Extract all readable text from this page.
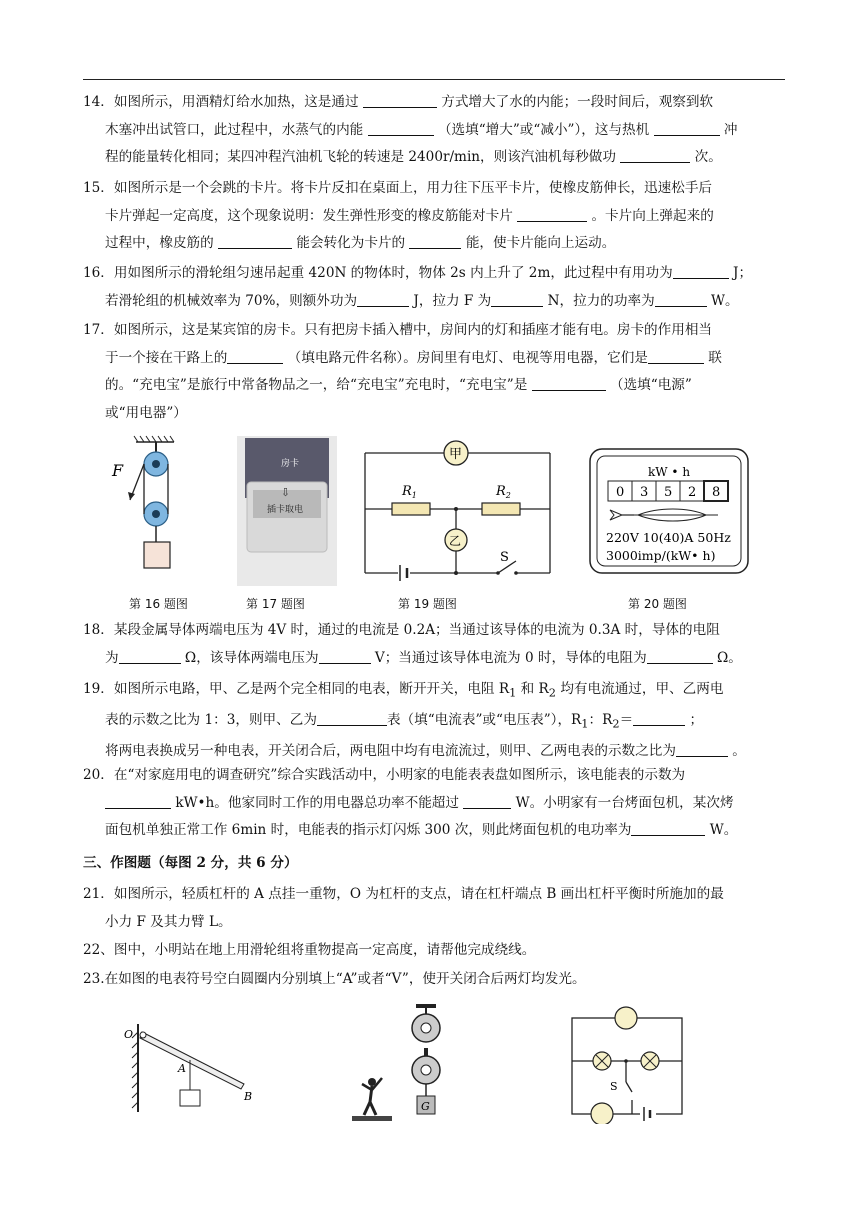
14．如图所示，用酒精灯给水加热，这是通过	方式增大了水的内能；一段时间后，观察到软

木塞冲出试管口，此过程中，水蒸气的内能	（选填“增大”或“减小”），这与热机	冲

程的能量转化相同；某四冲程汽油机飞轮的转速是 2400r/min，则该汽油机每秒做功	次。

15．如图所示是一个会跳的卡片。将卡片反扣在桌面上，用力往下压平卡片，使橡皮筋伸长，迅速松手后

卡片弹起一定高度，这个现象说明：发生弹性形变的橡皮筋能对卡片	。卡片向上弹起来的

过程中，橡皮筋的	能会转化为卡片的	能，使卡片能向上运动。

16．用如图所示的滑轮组匀速吊起重 420N 的物体时，物体 2s 内上升了 2m，此过程中有用功为	J；

若滑轮组的机械效率为 70%，则额外功为	J，拉力 F 为	N，拉力的功率为	W。

17．如图所示，这是某宾馆的房卡。只有把房卡插入槽中，房间内的灯和插座才能有电。房卡的作用相当

于一个接在干路上的	（填电路元件名称）。房间里有电灯、电视等用电器，它们是	联

的。“充电宝”是旅行中常备物品之一，给“充电宝”充电时，“充电宝”是	（选填“电源”

或“用电器”）

F	房卡
⇩
插卡取电
甲
$R_1$	$R_2$
乙
S
kW • h
0 3 5 2 8
220V 10(40)A 50Hz
3000imp/(kW• h)
第 16 题图	第 17 题图	第 19 题图	第 20 题图

18．某段金属导体两端电压为 4V 时，通过的电流是 0.2A；当通过该导体的电流为 0.3A 时，导体的电阻

为	Ω，该导体两端电压为	V；当通过该导体电流为 0 时，导体的电阻为	Ω。

19．如图所示电路，甲、乙是两个完全相同的电表，断开开关，电阻 $R_1$ 和 $R_2$ 均有电流通过，甲、乙两电

表的示数之比为 1：3，则甲、乙为	表（填“电流表”或“电压表”），$R_1$：$R_2=$	；

将两电表换成另一种电表，开关闭合后，两电阻中均有电流流过，则甲、乙两电表的示数之比为	。

20．在“对家庭用电的调查研究”综合实践活动中，小明家的电能表表盘如图所示，该电能表的示数为

kW•h。他家同时工作的用电器总功率不能超过	W。小明家有一台烤面包机，某次烤

面包机单独正常工作 6min 时，电能表的指示灯闪烁 300 次，则此烤面包机的电功率为	W。

三、作图题（每图 2 分，共 6 分）

21．如图所示，轻质杠杆的 A 点挂一重物，O 为杠杆的支点，请在杠杆端点 B 画出杠杆平衡时所施加的最

小力 F 及其力臂 L。

22、图中，小明站在地上用滑轮组将重物提高一定高度，请帮他完成绕线。
23.在如图的电表符号空白圆圈内分别填上“A”或者“V”，使开关闭合后两灯均发光。
O
A
B
G
S
